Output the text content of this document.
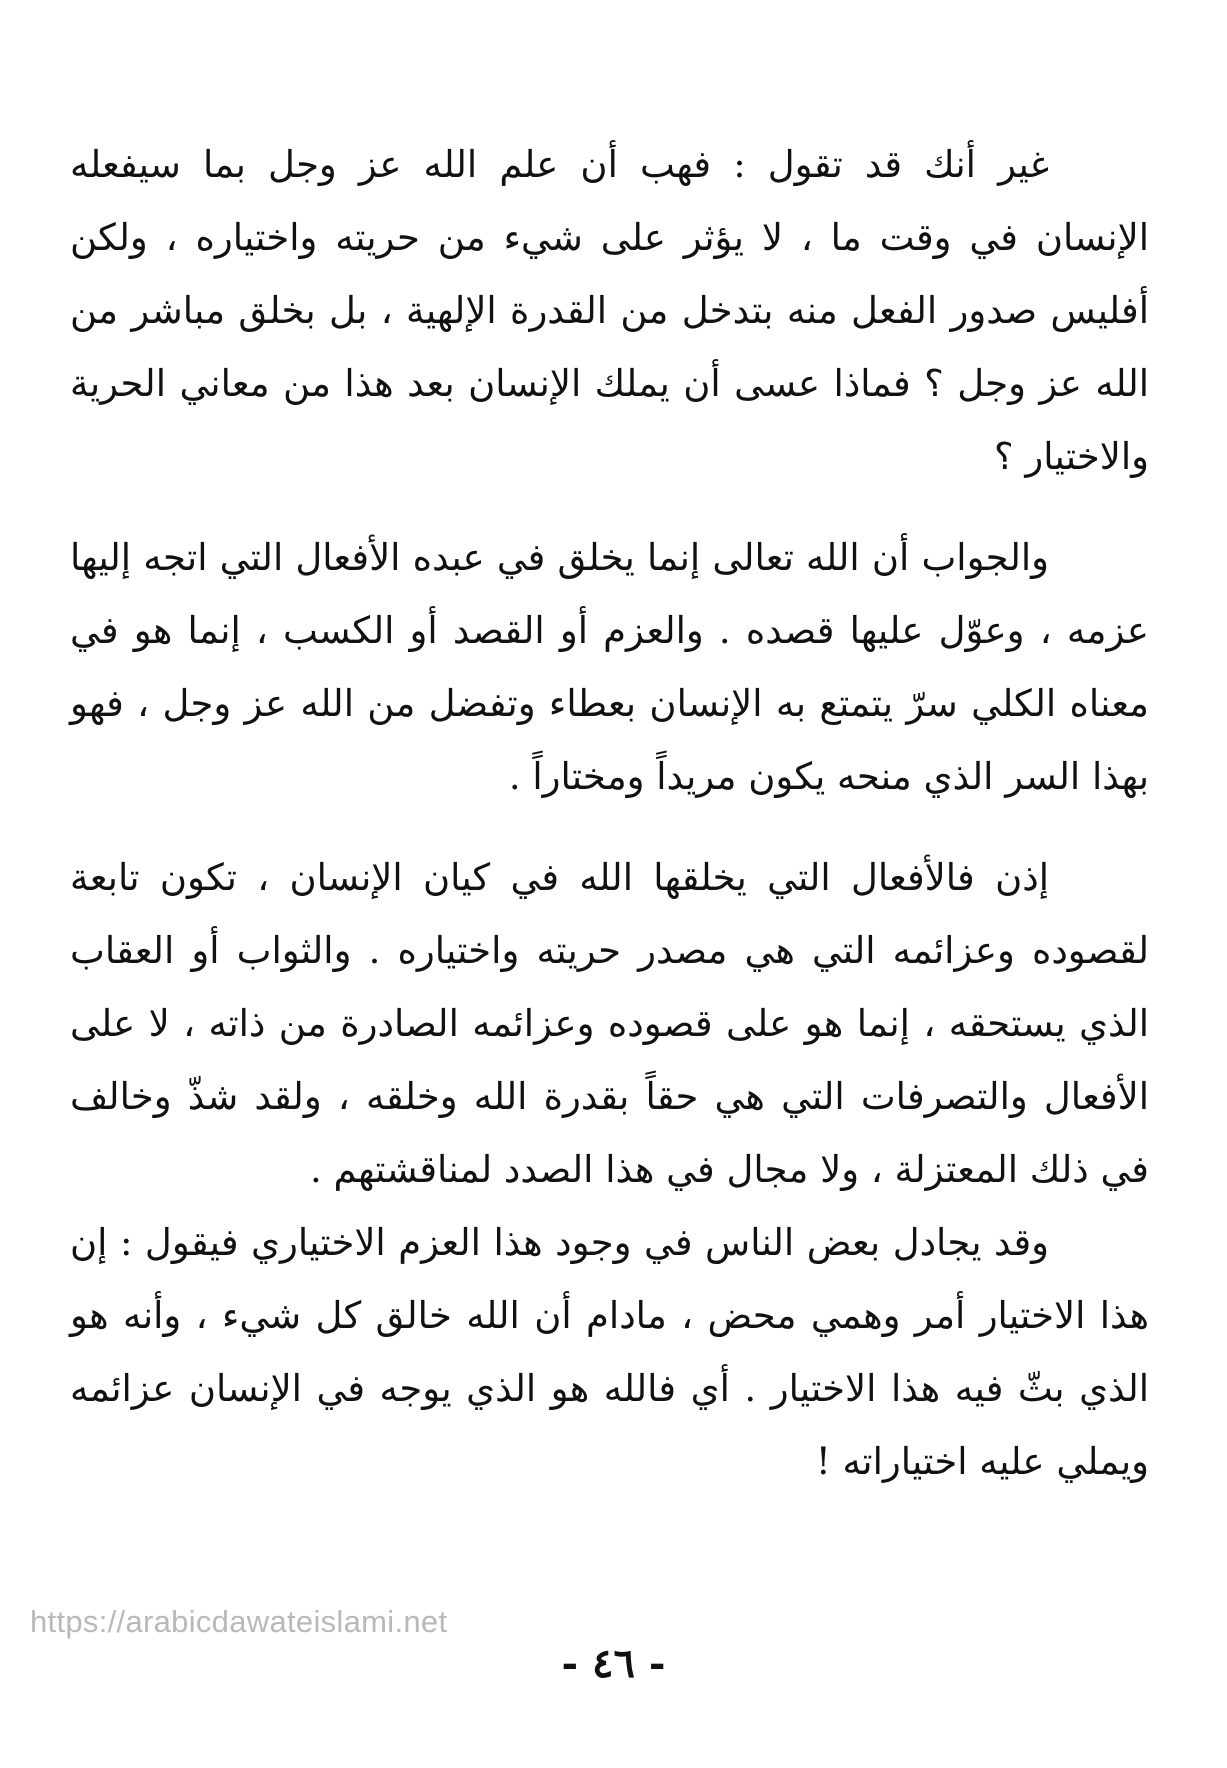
غير أنك قد تقول : فهب أن علم الله عز وجل بما سيفعله الإنسان في وقت ما ، لا يؤثر على شيء من حريته واختياره ، ولكن أفليس صدور الفعل منه بتدخل من القدرة الإلهية ، بل بخلق مباشر من الله عز وجل ؟ فماذا عسى أن يملك الإنسان بعد هذا من معاني الحرية والاختيار ؟

والجواب أن الله تعالى إنما يخلق في عبده الأفعال التي اتجه إليها عزمه ، وعوّل عليها قصده . والعزم أو القصد أو الكسب ، إنما هو في معناه الكلي سرّ يتمتع به الإنسان بعطاء وتفضل من الله عز وجل ، فهو بهذا السر الذي منحه يكون مريداً ومختاراً .

إذن فالأفعال التي يخلقها الله في كيان الإنسان ، تكون تابعة لقصوده وعزائمه التي هي مصدر حريته واختياره . والثواب أو العقاب الذي يستحقه ، إنما هو على قصوده وعزائمه الصادرة من ذاته ، لا على الأفعال والتصرفات التي هي حقاً بقدرة الله وخلقه ، ولقد شذّ وخالف في ذلك المعتزلة ، ولا مجال في هذا الصدد لمناقشتهم .

وقد يجادل بعض الناس في وجود هذا العزم الاختياري فيقول : إن هذا الاختيار أمر وهمي محض ، مادام أن الله خالق كل شيء ، وأنه هو الذي بثّ فيه هذا الاختيار . أي فالله هو الذي يوجه في الإنسان عزائمه ويملي عليه اختياراته !

https://arabicdawateislami.net
- ٤٦ -
